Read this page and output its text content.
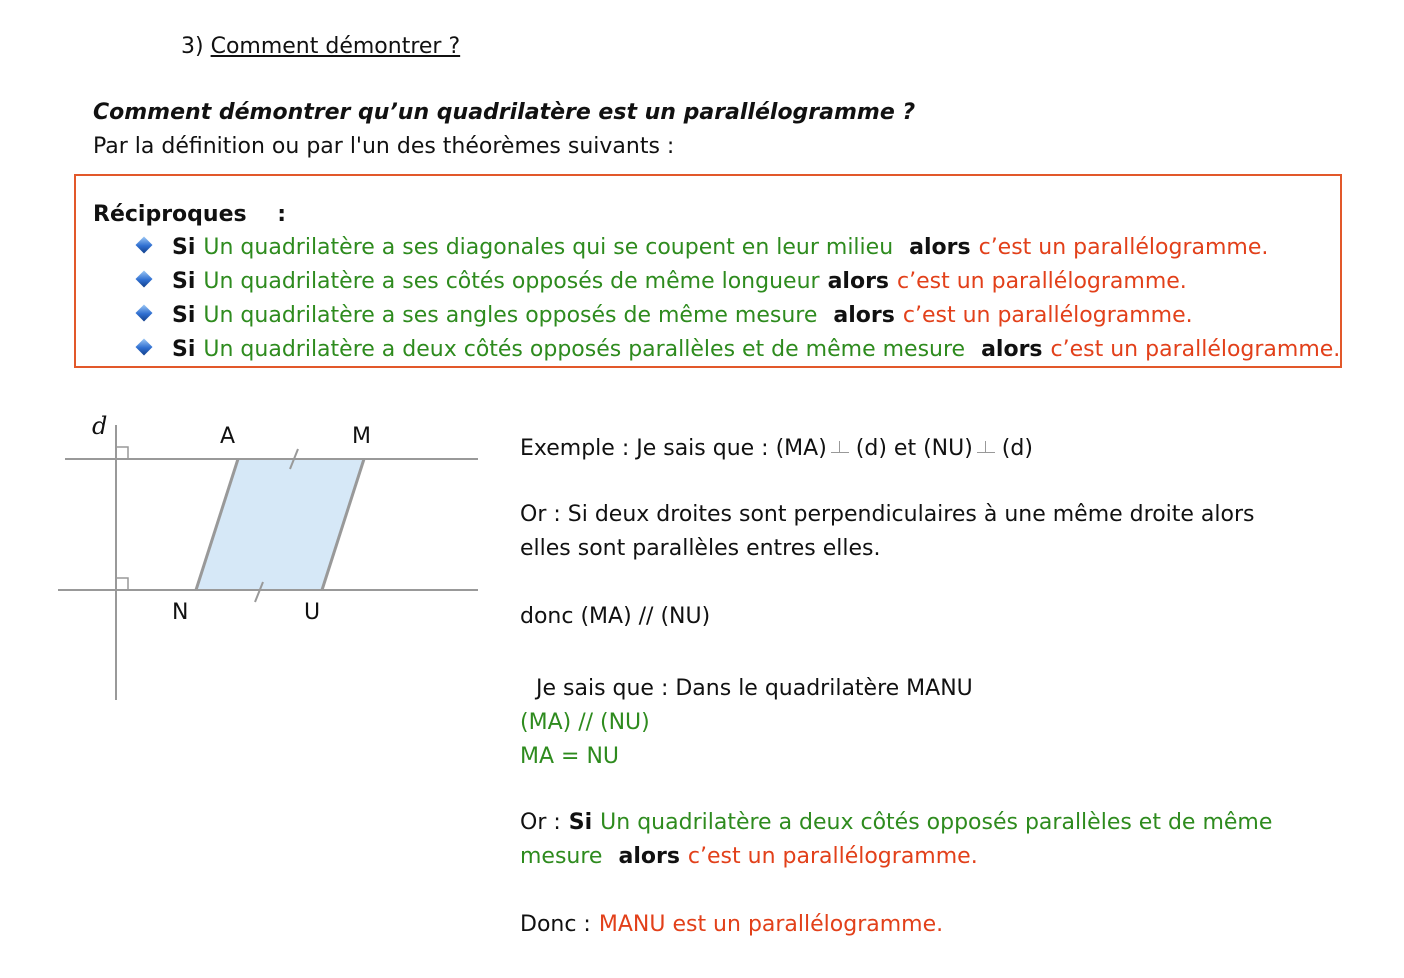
3) Comment démontrer ?
Comment démontrer qu’un quadrilatère est un parallélogramme ?
Par la définition ou par l'un des théorèmes suivants :
Réciproques :
Si Un quadrilatère a ses diagonales qui se coupent en leur milieu alors c’est un parallélogramme.
Si Un quadrilatère a ses côtés opposés de même longueur alors c’est un parallélogramme.
Si Un quadrilatère a ses angles opposés de même mesure alors c’est un parallélogramme.
Si Un quadrilatère a deux côtés opposés parallèles et de même mesure alors c’est un parallélogramme.
d	A	M
N	U
Exemple : Je sais que : (MA) (d) et (NU) (d)
Or : Si deux droites sont perpendiculaires à une même droite alors
elles sont parallèles entres elles.
donc (MA) // (NU)
Je sais que : Dans le quadrilatère MANU
(MA) // (NU)
MA = NU
Or : Si Un quadrilatère a deux côtés opposés parallèles et de même
mesure alors c’est un parallélogramme.
Donc : MANU est un parallélogramme.
